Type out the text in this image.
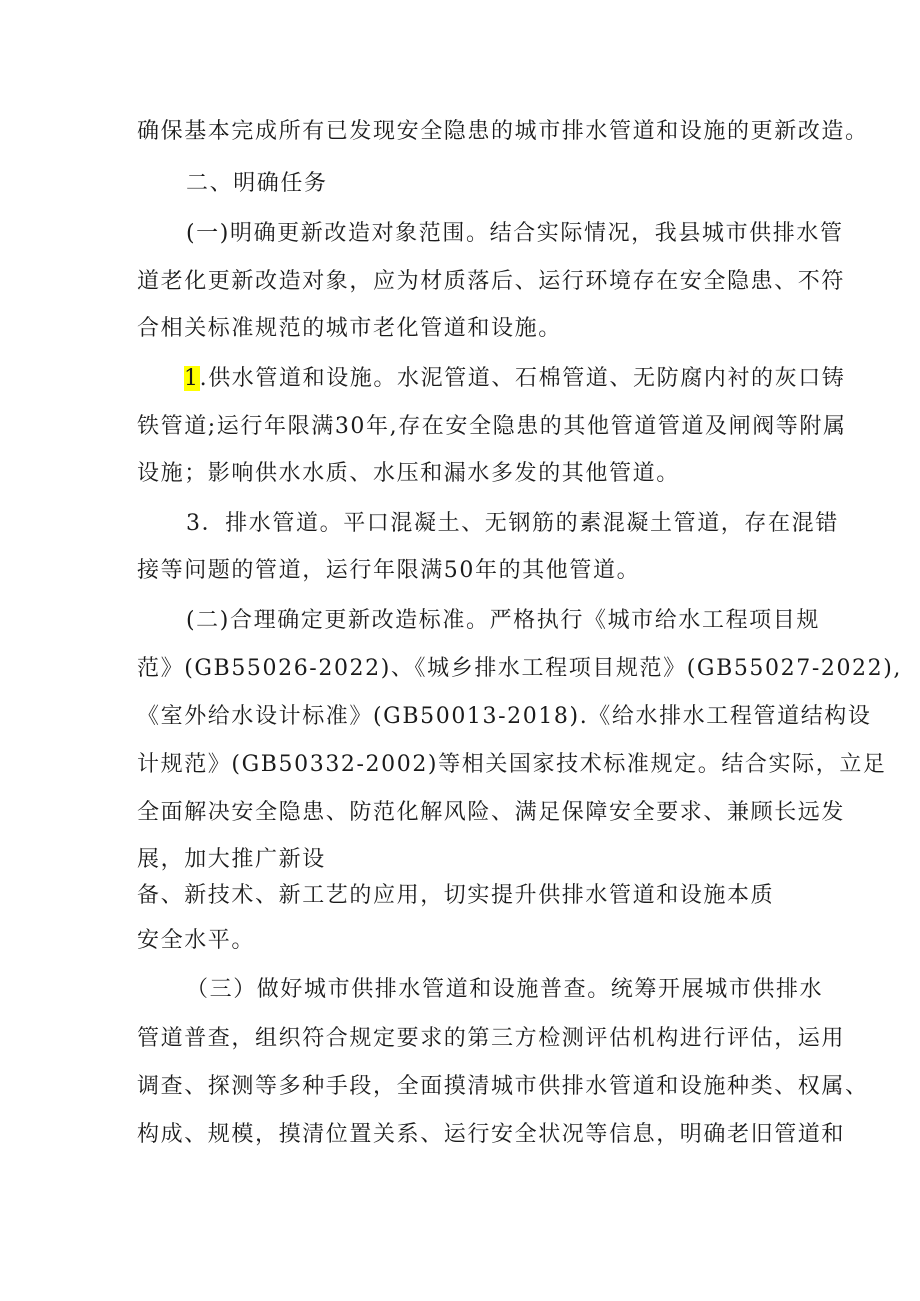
确保基本完成所有已发现安全隐患的城市排水管道和设施的更新改造。
二、明确任务
(一)明确更新改造对象范围。结合实际情况，我县城市供排水管
道老化更新改造对象，应为材质落后、运行环境存在安全隐患、不符
合相关标准规范的城市老化管道和设施。
1.供水管道和设施。水泥管道、石棉管道、无防腐内衬的灰口铸
铁管道;运行年限满30年,存在安全隐患的其他管道管道及闸阀等附属
设施；影响供水水质、水压和漏水多发的其他管道。
3．排水管道。平口混凝土、无钢筋的素混凝土管道，存在混错
接等问题的管道，运行年限满50年的其他管道。
(二)合理确定更新改造标准。严格执行《城市给水工程项目规
范》(GB55026-2022)、《城乡排水工程项目规范》(GB55027-2022),
《室外给水设计标准》(GB50013-2018).《给水排水工程管道结构设
计规范》(GB50332-2002)等相关国家技术标准规定。结合实际，立足
全面解决安全隐患、防范化解风险、满足保障安全要求、兼顾长远发
展，加大推广新设
备、新技术、新工艺的应用，切实提升供排水管道和设施本质
安全水平。
（三）做好城市供排水管道和设施普查。统筹开展城市供排水
管道普查，组织符合规定要求的第三方检测评估机构进行评估，运用
调查、探测等多种手段，全面摸清城市供排水管道和设施种类、权属、
构成、规模，摸清位置关系、运行安全状况等信息，明确老旧管道和
